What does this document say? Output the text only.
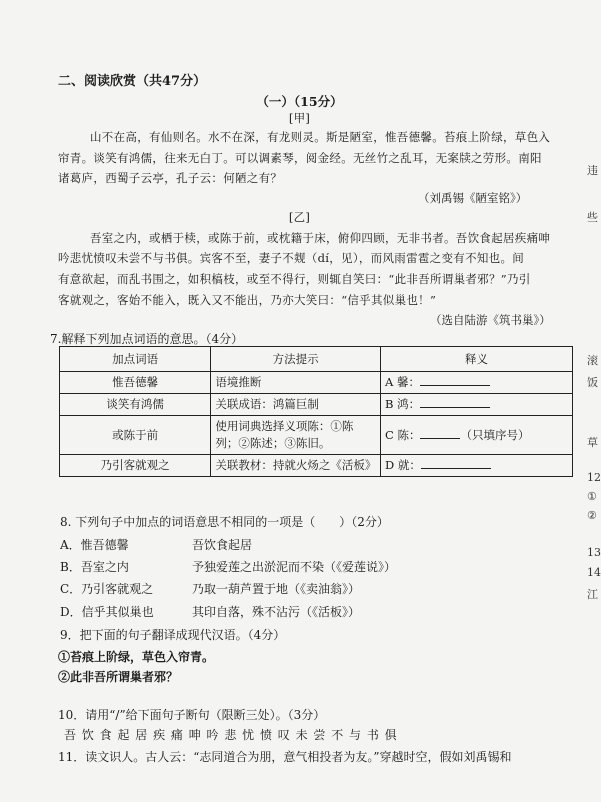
二、阅读欣赏（共47分）
（一）（15分）
[甲]
山不在高，有仙则名。水不在深，有龙则灵。斯是陋室，惟吾德馨。苔痕上阶绿，草色入
帘青。谈笑有鸿儒，往来无白丁。可以调素琴，阅金经。无丝竹之乱耳，无案牍之劳形。南阳
诸葛庐，西蜀子云亭，孔子云：何陋之有？
（刘禹锡《陋室铭》）
[乙]
吾室之内，或栖于椟，或陈于前，或枕籍于床，俯仰四顾，无非书者。吾饮食起居疾痛呻
吟悲忧愤叹未尝不与书俱。宾客不至，妻子不觌（dí，见），而风雨雷雹之变有不知也。间
有意欲起，而乱书围之，如积槁枝，或至不得行，则辄自笑曰：“此非吾所谓巢者邪？”乃引
客就观之，客始不能入，既入又不能出，乃亦大笑曰：“信乎其似巢也！”
（选自陆游《筑书巢》）
7.解释下列加点词语的意思。（4分）
加点词语	方法提示	释义
惟吾德馨	语境推断	A 馨：
谈笑有鸿儒	关联成语：鸿篇巨制	B 鸿：
或陈于前	使用词典选择义项陈：①陈列；②陈述；③陈旧。	C 陈： （只填序号）
乃引客就观之	关联教材：持就火炀之《活板》	D 就：
8. 下列句子中加点的词语意思不相同的一项是（　　）（2分）
A．惟吾德馨	吾饮食起居
B．吾室之内	予独爱莲之出淤泥而不染（《爱莲说》）
C．乃引客就观之	乃取一葫芦置于地（《卖油翁》）
D．信乎其似巢也	其印自落，殊不沾污（《活板》）
9．把下面的句子翻译成现代汉语。（4分）
①苔痕上阶绿，草色入帘青。
②此非吾所谓巢者邪？
10．请用“/”给下面句子断句（限断三处）。（3分）
吾 饮 食 起 居 疾 痛 呻 吟 悲 忧 愤 叹 未 尝 不 与 书 俱
11．读文识人。古人云：“志同道合为朋，意气相投者为友。”穿越时空，假如刘禹锡和
违
些
滚
饭
草
12
①
②
13
14
江
